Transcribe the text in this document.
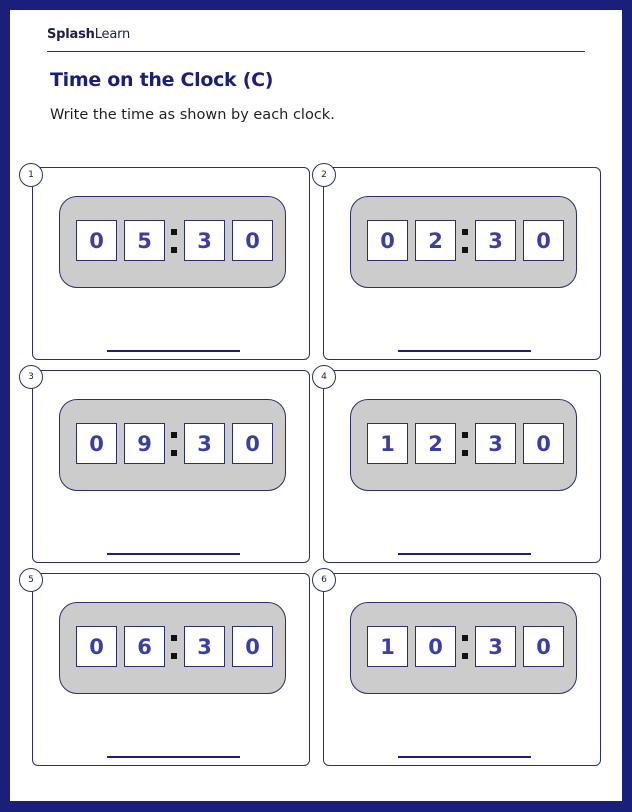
SplashLearn
Time on the Clock (C)
Write the time as shown by each clock.
0	5	3	0	0	2	3	0
0	9	3	0	1	2	3	0
0	6	3	0	1	0	3	0
1	2
3	4
5	6
